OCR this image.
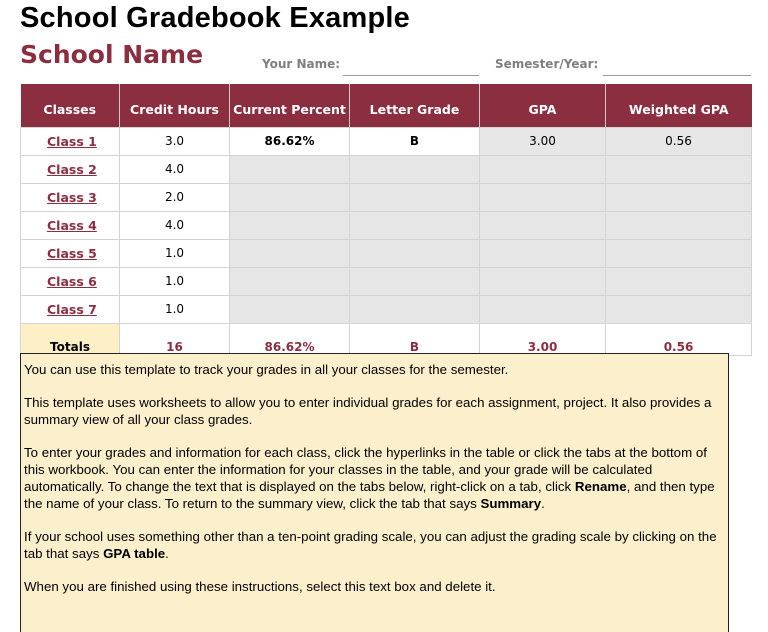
School Gradebook Example
School Name	Your Name:	Semester/Year:
Classes	Credit Hours	Current Percent	Letter Grade	GPA	Weighted GPA
Class 1	3.0	86.62%	B	3.00	0.56
Class 2	4.0				
Class 3	2.0				
Class 4	4.0				
Class 5	1.0				
Class 6	1.0				
Class 7	1.0				
Totals	16	86.62%	B	3.00	0.56

You can use this template to track your grades in all your classes for the semester.

This template uses worksheets to allow you to enter individual grades for each assignment, project. It also provides a summary view of all your class grades.

To enter your grades and information for each class, click the hyperlinks in the table or click the tabs at the bottom of this workbook. You can enter the information for your classes in the table, and your grade will be calculated automatically. To change the text that is displayed on the tabs below, right-click on a tab, click Rename, and then type the name of your class. To return to the summary view, click the tab that says Summary.

If your school uses something other than a ten-point grading scale, you can adjust the grading scale by clicking on the tab that says GPA table.

When you are finished using these instructions, select this text box and delete it.
